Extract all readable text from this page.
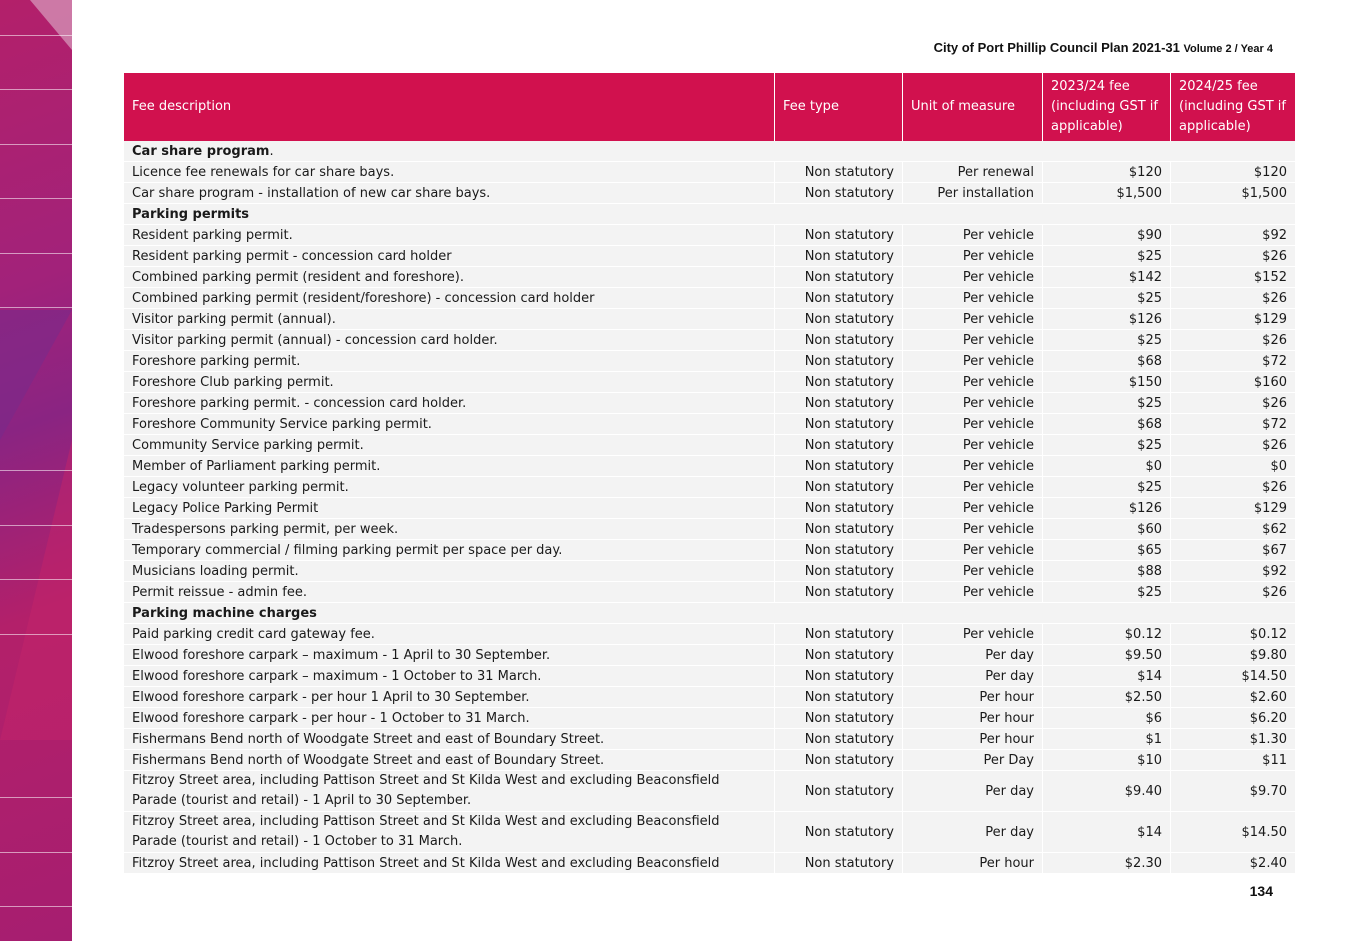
City of Port Phillip Council Plan 2021-31 Volume 2 / Year 4
Fee description	Fee type	Unit of measure	2023/24 fee (including GST if applicable)	2024/25 fee (including GST if applicable)
Car share program.				
Licence fee renewals for car share bays.	Non statutory	Per renewal	$120	$120
Car share program - installation of new car share bays.	Non statutory	Per installation	$1,500	$1,500
Parking permits				
Resident parking permit.	Non statutory	Per vehicle	$90	$92
Resident parking permit - concession card holder	Non statutory	Per vehicle	$25	$26
Combined parking permit (resident and foreshore).	Non statutory	Per vehicle	$142	$152
Combined parking permit (resident/foreshore) - concession card holder	Non statutory	Per vehicle	$25	$26
Visitor parking permit (annual).	Non statutory	Per vehicle	$126	$129
Visitor parking permit (annual) - concession card holder.	Non statutory	Per vehicle	$25	$26
Foreshore parking permit.	Non statutory	Per vehicle	$68	$72
Foreshore Club parking permit.	Non statutory	Per vehicle	$150	$160
Foreshore parking permit. - concession card holder.	Non statutory	Per vehicle	$25	$26
Foreshore Community Service parking permit.	Non statutory	Per vehicle	$68	$72
Community Service parking permit.	Non statutory	Per vehicle	$25	$26
Member of Parliament parking permit.	Non statutory	Per vehicle	$0	$0
Legacy volunteer parking permit.	Non statutory	Per vehicle	$25	$26
Legacy Police Parking Permit	Non statutory	Per vehicle	$126	$129
Tradespersons parking permit, per week.	Non statutory	Per vehicle	$60	$62
Temporary commercial / filming parking permit per space per day.	Non statutory	Per vehicle	$65	$67
Musicians loading permit.	Non statutory	Per vehicle	$88	$92
Permit reissue - admin fee.	Non statutory	Per vehicle	$25	$26
Parking machine charges				
Paid parking credit card gateway fee.	Non statutory	Per vehicle	$0.12	$0.12
Elwood foreshore carpark – maximum - 1 April to 30 September.	Non statutory	Per day	$9.50	$9.80
Elwood foreshore carpark – maximum - 1 October to 31 March.	Non statutory	Per day	$14	$14.50
Elwood foreshore carpark - per hour 1 April to 30 September.	Non statutory	Per hour	$2.50	$2.60
Elwood foreshore carpark - per hour - 1 October to 31 March.	Non statutory	Per hour	$6	$6.20
Fishermans Bend north of Woodgate Street and east of Boundary Street.	Non statutory	Per hour	$1	$1.30
Fishermans Bend north of Woodgate Street and east of Boundary Street.	Non statutory	Per Day	$10	$11
Fitzroy Street area, including Pattison Street and St Kilda West and excluding Beaconsfield Parade (tourist and retail) - 1 April to 30 September.	Non statutory	Per day	$9.40	$9.70
Fitzroy Street area, including Pattison Street and St Kilda West and excluding Beaconsfield Parade (tourist and retail) - 1 October to 31 March.	Non statutory	Per day	$14	$14.50
Fitzroy Street area, including Pattison Street and St Kilda West and excluding Beaconsfield	Non statutory	Per hour	$2.30	$2.40
134
